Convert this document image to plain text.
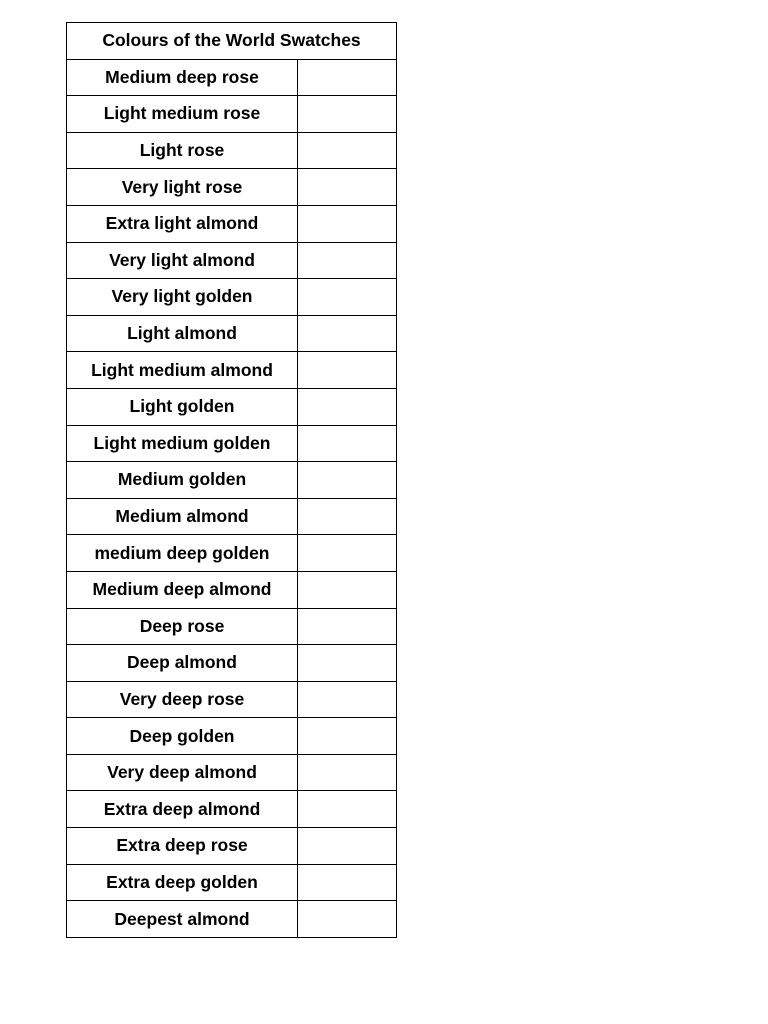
Colours of the World Swatches	
Medium deep rose	
Light medium rose	
Light rose	
Very light rose	
Extra light almond	
Very light almond	
Very light golden	
Light almond	
Light medium almond	
Light golden	
Light medium golden	
Medium golden	
Medium almond	
medium deep golden	
Medium deep almond	
Deep rose	
Deep almond	
Very deep rose	
Deep golden	
Very deep almond	
Extra deep almond	
Extra deep rose	
Extra deep golden	
Deepest almond	
